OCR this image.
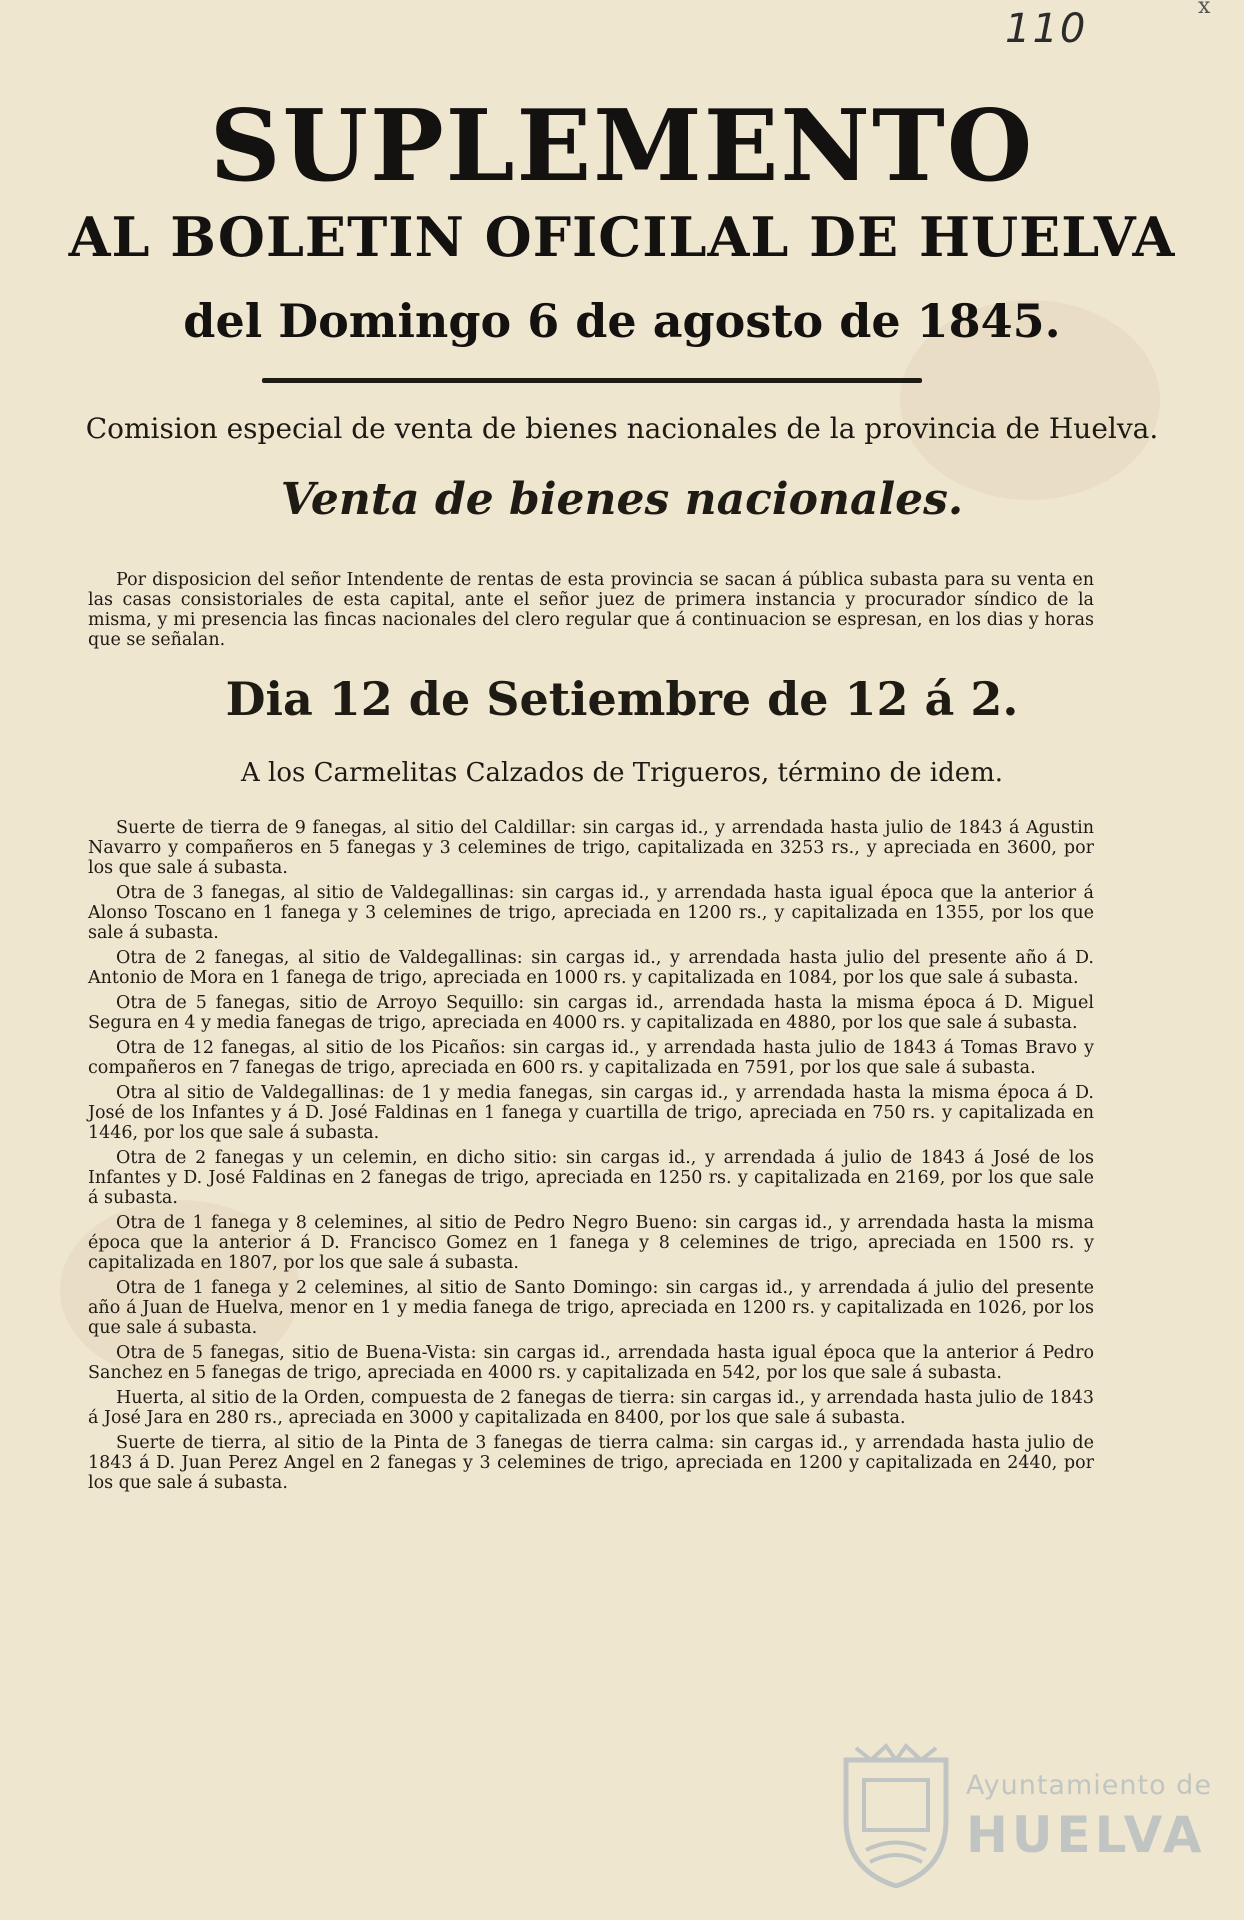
110	x
SUPLEMENTO
AL BOLETIN OFICILAL DE HUELVA
del Domingo 6 de agosto de 1845.
Comision especial de venta de bienes nacionales de la provincia de Huelva.
Venta de bienes nacionales.

Por disposicion del señor Intendente de rentas de esta provincia se sacan á pública subasta para su venta en las casas consistoriales de esta capital, ante el señor juez de primera instancia y procurador síndico de la misma, y mi presencia las fincas nacionales del clero regular que á continuacion se espresan, en los dias y horas que se señalan.

Dia 12 de Setiembre de 12 á 2.
A los Carmelitas Calzados de Trigueros, término de idem.
Suerte de tierra de 9 fanegas, al sitio del Caldillar: sin cargas id., y arrendada hasta julio de 1843 á Agustin Navarro y compañeros en 5 fanegas y 3 celemines de trigo, capitalizada en 3253 rs., y apreciada en 3600, por los que sale á subasta.
Otra de 3 fanegas, al sitio de Valdegallinas: sin cargas id., y arrendada hasta igual época que la anterior á Alonso Toscano en 1 fanega y 3 celemines de trigo, apreciada en 1200 rs., y capitalizada en 1355, por los que sale á subasta.
Otra de 2 fanegas, al sitio de Valdegallinas: sin cargas id., y arrendada hasta julio del presente año á D. Antonio de Mora en 1 fanega de trigo, apreciada en 1000 rs. y capitalizada en 1084, por los que sale á subasta.
Otra de 5 fanegas, sitio de Arroyo Sequillo: sin cargas id., arrendada hasta la misma época á D. Miguel Segura en 4 y media fanegas de trigo, apreciada en 4000 rs. y capitalizada en 4880, por los que sale á subasta.
Otra de 12 fanegas, al sitio de los Picaños: sin cargas id., y arrendada hasta julio de 1843 á Tomas Bravo y compañeros en 7 fanegas de trigo, apreciada en 600 rs. y capitalizada en 7591, por los que sale á subasta.
Otra al sitio de Valdegallinas: de 1 y media fanegas, sin cargas id., y arrendada hasta la misma época á D. José de los Infantes y á D. José Faldinas en 1 fanega y cuartilla de trigo, apreciada en 750 rs. y capitalizada en 1446, por los que sale á subasta.
Otra de 2 fanegas y un celemin, en dicho sitio: sin cargas id., y arrendada á julio de 1843 á José de los Infantes y D. José Faldinas en 2 fanegas de trigo, apreciada en 1250 rs. y capitalizada en 2169, por los que sale á subasta.
Otra de 1 fanega y 8 celemines, al sitio de Pedro Negro Bueno: sin cargas id., y arrendada hasta la misma época que la anterior á D. Francisco Gomez en 1 fanega y 8 celemines de trigo, apreciada en 1500 rs. y capitalizada en 1807, por los que sale á subasta.
Otra de 1 fanega y 2 celemines, al sitio de Santo Domingo: sin cargas id., y arrendada á julio del presente año á Juan de Huelva, menor en 1 y media fanega de trigo, apreciada en 1200 rs. y capitalizada en 1026, por los que sale á subasta.
Otra de 5 fanegas, sitio de Buena-Vista: sin cargas id., arrendada hasta igual época que la anterior á Pedro Sanchez en 5 fanegas de trigo, apreciada en 4000 rs. y capitalizada en 542, por los que sale á subasta.
Huerta, al sitio de la Orden, compuesta de 2 fanegas de tierra: sin cargas id., y arrendada hasta julio de 1843 á José Jara en 280 rs., apreciada en 3000 y capitalizada en 8400, por los que sale á subasta.
Suerte de tierra, al sitio de la Pinta de 3 fanegas de tierra calma: sin cargas id., y arrendada hasta julio de 1843 á D. Juan Perez Angel en 2 fanegas y 3 celemines de trigo, apreciada en 1200 y capitalizada en 2440, por los que sale á subasta.
Ayuntamiento de
HUELVA
